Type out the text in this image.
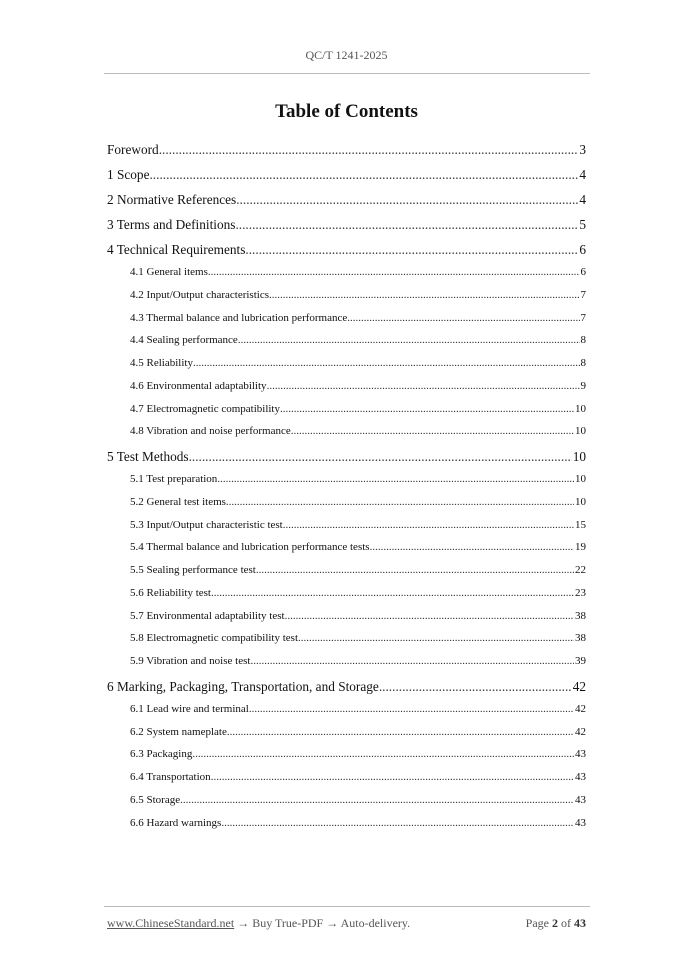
QC/T 1241-2025
Table of Contents
Foreword .....	3
1 Scope .....	4
2 Normative References .....	4
3 Terms and Definitions .....	5
4 Technical Requirements .....	6
4.1 General items .....	6
4.2 Input/Output characteristics .....	7
4.3 Thermal balance and lubrication performance .....	7
4.4 Sealing performance .....	8
4.5 Reliability .....	8
4.6 Environmental adaptability .....	9
4.7 Electromagnetic compatibility .....	10
4.8 Vibration and noise performance .....	10
5 Test Methods .....	10
5.1 Test preparation .....	10
5.2 General test items .....	10
5.3 Input/Output characteristic test .....	15
5.4 Thermal balance and lubrication performance tests .....	19
5.5 Sealing performance test .....	22
5.6 Reliability test .....	23
5.7 Environmental adaptability test .....	38
5.8 Electromagnetic compatibility test .....	38
5.9 Vibration and noise test .....	39
6 Marking, Packaging, Transportation, and Storage .....	42
6.1 Lead wire and terminal .....	42
6.2 System nameplate .....	42
6.3 Packaging .....	43
6.4 Transportation .....	43
6.5 Storage .....	43
6.6 Hazard warnings .....	43
www.ChineseStandard.net → Buy True-PDF → Auto-delivery.	Page 2 of 43
